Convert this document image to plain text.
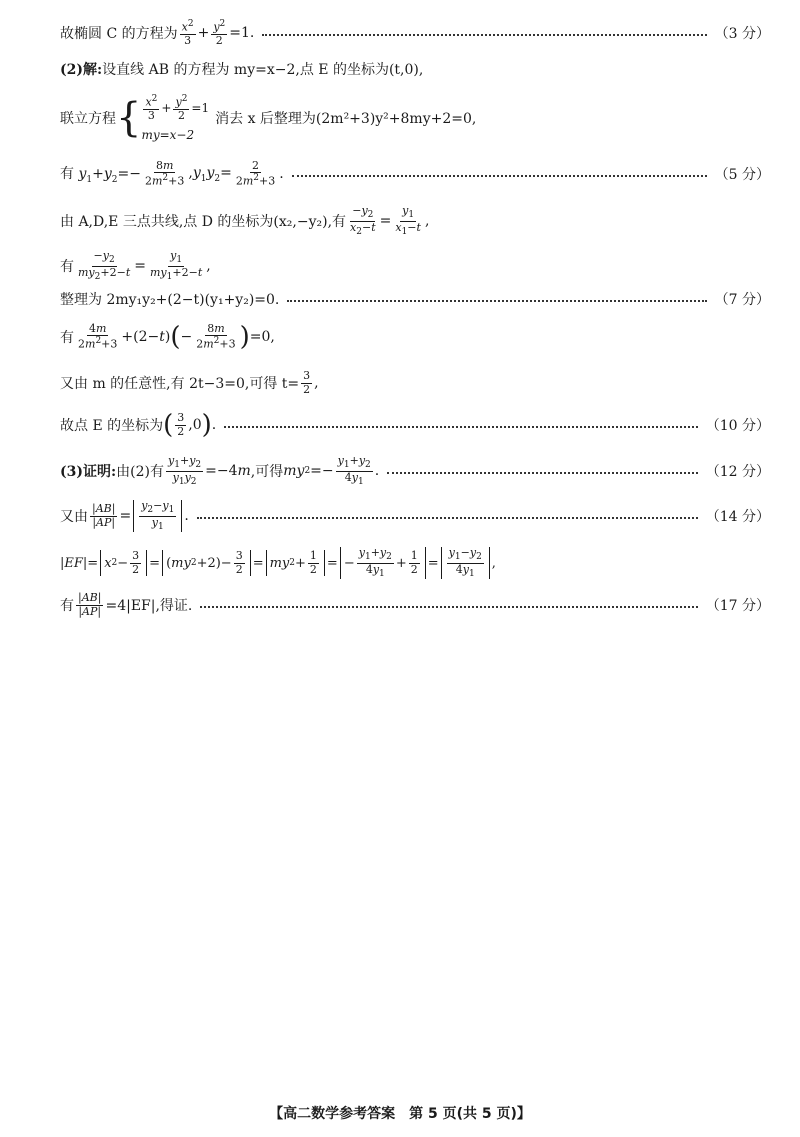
故椭圆 C 的方程为 $\frac{x^2}{3} + \frac{y^2}{2} =1$.	（3 分）
(2)解: 设直线 AB 的方程为 my=x−2,点 E 的坐标为(t,0),
联立方程 { $\frac{x^2}{3} + \frac{y^2}{2} =1$
my=x−2
消去 x 后整理为(2m²+3)y²+8my+2=0,
有 $y_1+y_2=- \frac{8m}{2m^2+3} ,y_1y_2= \frac{2}{2m^2+3}$ .	（5 分）
由 A,D,E 三点共线,点 D 的坐标为(x₂,−y₂),有 $\frac{-y_2}{x_2-t} = \frac{y_1}{x_1-t}$ ,
有 $\frac{-y_2}{my_2+2-t} = \frac{y_1}{my_1+2-t}$ ,
整理为 2my₁y₂+(2−t)(y₁+y₂)=0.	（7 分）
有 $\frac{4m}{2m^2+3} +(2- t$ ) ( − $\frac{8m}{2m^2+3}$ ) =0,
又由 m 的任意性,有 2t−3=0,可得 $t= \frac{3}{2}$ ,
故点 E 的坐标为 ( $\frac{3}{2} ,0$ ) .	（10 分）
(3)证明: 由(2)有 $\frac{y_1+y_2}{y_1y_2} =-4$ m ,可得 my $2 =- \frac{y_1+y_2}{4y_1}$ .	（12 分）
又由 $\frac{|AB|}{|AP|} = \frac{y_2-y_1}{y_1}$ .	（14 分）
|EF|= x $2 - \frac{3}{2}$ = ( my $2 +2)- \frac{3}{2}$ = my $2 + \frac{1}{2}$ = − $\frac{y_1+y_2}{4y_1} + \frac{1}{2} = \frac{y_1-y_2}{4y_1}$ ,
有 $\frac{|AB|}{|AP|} =4|EF|$,得证.	（17 分）
【高二数学参考答案　第 5 页(共 5 页)】
